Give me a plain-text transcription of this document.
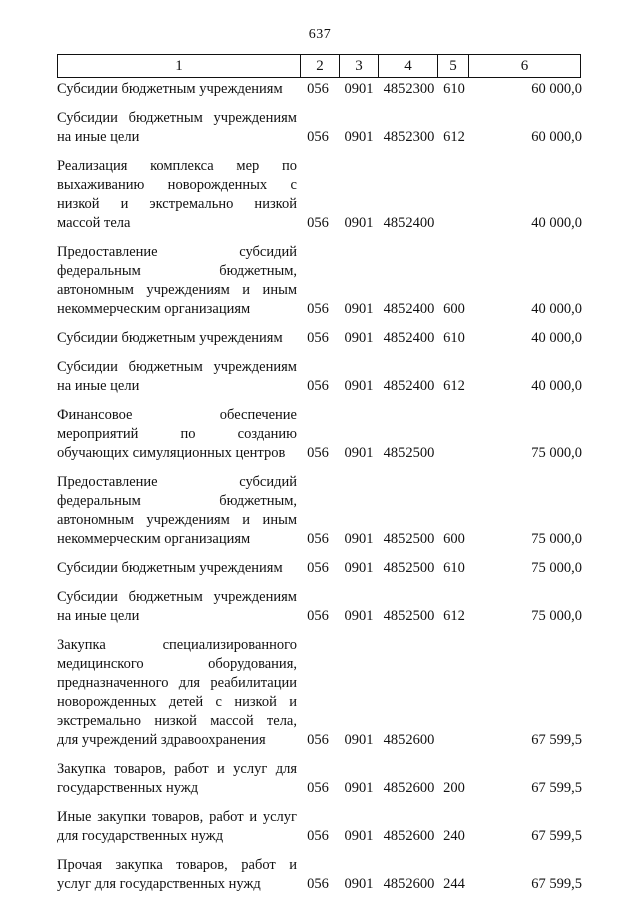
637
1	2	3	4	5	6
Субсидии бюджетным учреждениям	056	0901 4852300 610	60 000,0
Субсидии бюджетным учреждениям
на иные цели	056	0901 4852300 612	60 000,0
Реализация комплекса мер по
выхаживанию новорожденных с
низкой и экстремально низкой
массой тела	056	0901 4852400	40 000,0
Предоставление субсидий
федеральным бюджетным,
автономным учреждениям и иным
некоммерческим организациям	056	0901 4852400 600	40 000,0
Субсидии бюджетным учреждениям	056	0901 4852400 610	40 000,0
Субсидии бюджетным учреждениям
на иные цели	056	0901 4852400 612	40 000,0
Финансовое обеспечение
мероприятий по созданию
обучающих симуляционных центров	056	0901 4852500	75 000,0
Предоставление субсидий
федеральным бюджетным,
автономным учреждениям и иным
некоммерческим организациям	056	0901 4852500 600	75 000,0
Субсидии бюджетным учреждениям	056	0901 4852500 610	75 000,0
Субсидии бюджетным учреждениям
на иные цели	056	0901 4852500 612	75 000,0
Закупка специализированного
медицинского оборудования,
предназначенного для реабилитации
новорожденных детей с низкой и
экстремально низкой массой тела,
для учреждений здравоохранения	056	0901 4852600	67 599,5
Закупка товаров, работ и услуг для
государственных нужд	056	0901 4852600 200	67 599,5
Иные закупки товаров, работ и услуг
для государственных нужд	056	0901 4852600 240	67 599,5
Прочая закупка товаров, работ и
услуг для государственных нужд	056	0901 4852600 244	67 599,5
